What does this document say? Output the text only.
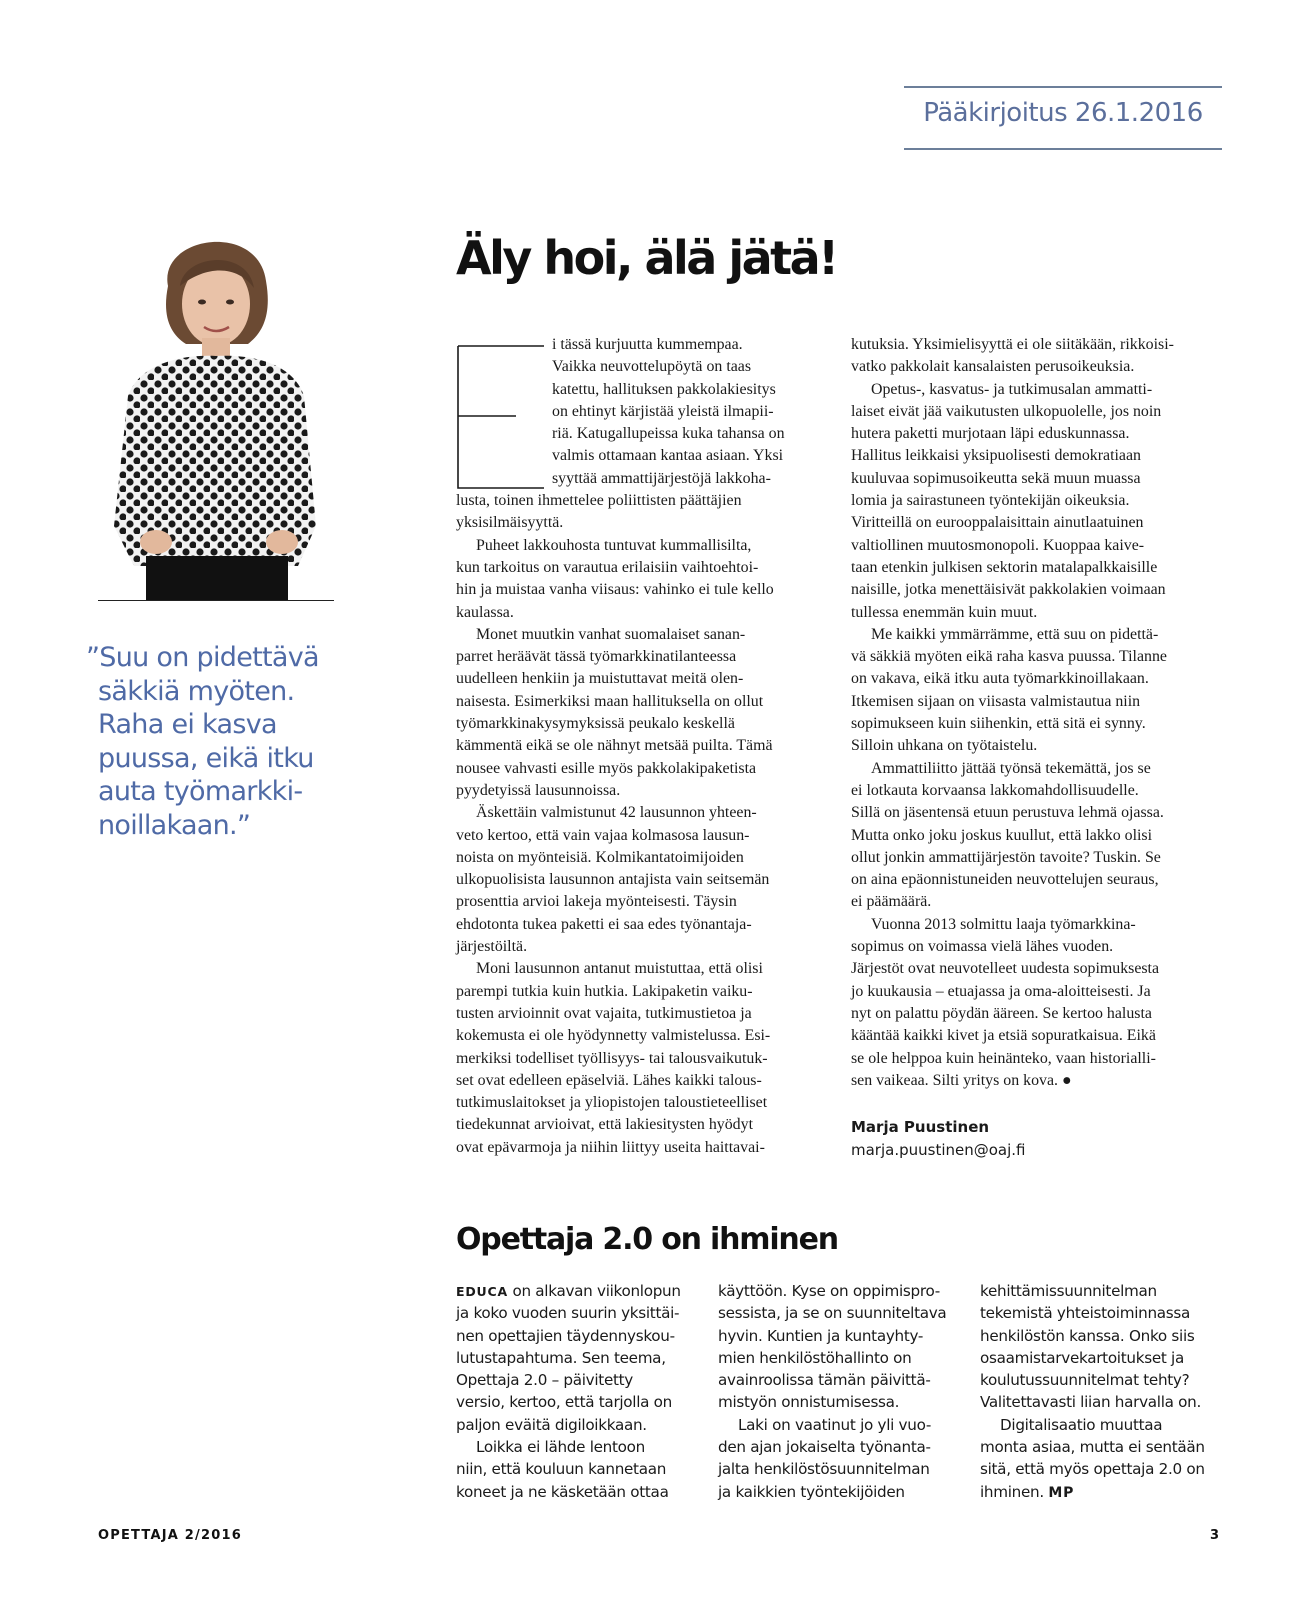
Pääkirjoitus 26.1.2016
”Suu on pidettävä
säkkiä myöten.
Raha ei kasva
puussa, eikä itku
auta työmarkki-
noillakaan.”
Äly hoi, älä jätä!
i tässä kurjuutta kummempaa.
Vaikka neuvottelupöytä on taas
katettu, hallituksen pakkolakiesitys
on ehtinyt kärjistää yleistä ilmapii-
riä. Katugallupeissa kuka tahansa on
valmis ottamaan kantaa asiaan. Yksi
syyttää ammattijärjestöjä lakkoha-
lusta, toinen ihmettelee poliittisten päättäjien
yksisilmäisyyttä.
Puheet lakkouhosta tuntuvat kummallisilta,
kun tarkoitus on varautua erilaisiin vaihtoehtoi-
hin ja muistaa vanha viisaus: vahinko ei tule kello
kaulassa.
Monet muutkin vanhat suomalaiset sanan-
parret heräävät tässä työmarkkinatilanteessa
uudelleen henkiin ja muistuttavat meitä olen-
naisesta. Esimerkiksi maan hallituksella on ollut
työmarkkinakysymyksissä peukalo keskellä
kämmentä eikä se ole nähnyt metsää puilta. Tämä
nousee vahvasti esille myös pakkolakipaketista
pyydetyissä lausunnoissa.
Äskettäin valmistunut 42 lausunnon yhteen-
veto kertoo, että vain vajaa kolmasosa lausun-
noista on myönteisiä. Kolmikantatoimijoiden
ulkopuolisista lausunnon antajista vain seitsemän
prosenttia arvioi lakeja myönteisesti. Täysin
ehdotonta tukea paketti ei saa edes työnantaja-
järjestöiltä.
Moni lausunnon antanut muistuttaa, että olisi
parempi tutkia kuin hutkia. Lakipaketin vaiku-
tusten arvioinnit ovat vajaita, tutkimustietoa ja
kokemusta ei ole hyödynnetty valmistelussa. Esi-
merkiksi todelliset työllisyys- tai talousvaikutuk-
set ovat edelleen epäselviä. Lähes kaikki talous-
tutkimuslaitokset ja yliopistojen taloustieteelliset
tiedekunnat arvioivat, että lakiesitysten hyödyt
ovat epävarmoja ja niihin liittyy useita haittavai-
kutuksia. Yksimielisyyttä ei ole siitäkään, rikkoisi-
vatko pakkolait kansalaisten perusoikeuksia.
Opetus-, kasvatus- ja tutkimusalan ammatti-
laiset eivät jää vaikutusten ulkopuolelle, jos noin
hutera paketti murjotaan läpi eduskunnassa.
Hallitus leikkaisi yksipuolisesti demokratiaan
kuuluvaa sopimusoikeutta sekä muun muassa
lomia ja sairastuneen työntekijän oikeuksia.
Viritteillä on eurooppalaisittain ainutlaatuinen
valtiollinen muutosmonopoli. Kuoppaa kaive-
taan etenkin julkisen sektorin matalapalkkaisille
naisille, jotka menettäisivät pakkolakien voimaan
tullessa enemmän kuin muut.
Me kaikki ymmärrämme, että suu on pidettä-
vä säkkiä myöten eikä raha kasva puussa. Tilanne
on vakava, eikä itku auta työmarkkinoillakaan.
Itkemisen sijaan on viisasta valmistautua niin
sopimukseen kuin siihenkin, että sitä ei synny.
Silloin uhkana on työtaistelu.
Ammattiliitto jättää työnsä tekemättä, jos se
ei lotkauta korvaansa lakkomahdollisuudelle.
Sillä on jäsentensä etuun perustuva lehmä ojassa.
Mutta onko joku joskus kuullut, että lakko olisi
ollut jonkin ammattijärjestön tavoite? Tuskin. Se
on aina epäonnistuneiden neuvottelujen seuraus,
ei päämäärä.
Vuonna 2013 solmittu laaja työmarkkina-
sopimus on voimassa vielä lähes vuoden.
Järjestöt ovat neuvotelleet uudesta sopimuksesta
jo kuukausia – etuajassa ja oma-aloitteisesti. Ja
nyt on palattu pöydän ääreen. Se kertoo halusta
kääntää kaikki kivet ja etsiä sopuratkaisua. Eikä
se ole helppoa kuin heinänteko, vaan historialli-
sen vaikeaa. Silti yritys on kova. ●
Marja Puustinen
marja.puustinen@oaj.fi
Opettaja 2.0 on ihminen
EDUCA on alkavan viikonlopun
ja koko vuoden suurin yksittäi-
nen opettajien täydennyskou-
lutustapahtuma. Sen teema,
Opettaja 2.0 – päivitetty
versio, kertoo, että tarjolla on
paljon eväitä digiloikkaan.
Loikka ei lähde lentoon
niin, että kouluun kannetaan
koneet ja ne käsketään ottaa
käyttöön. Kyse on oppimispro-
sessista, ja se on suunniteltava
hyvin. Kuntien ja kuntayhty-
mien henkilöstöhallinto on
avainroolissa tämän päivittä-
mistyön onnistumisessa.
Laki on vaatinut jo yli vuo-
den ajan jokaiselta työnanta-
jalta henkilöstösuunnitelman
ja kaikkien työntekijöiden
kehittämissuunnitelman
tekemistä yhteistoiminnassa
henkilöstön kanssa. Onko siis
osaamistarvekartoitukset ja
koulutussuunnitelmat tehty?
Valitettavasti liian harvalla on.
Digitalisaatio muuttaa
monta asiaa, mutta ei sentään
sitä, että myös opettaja 2.0 on
ihminen. MP
OPETTAJA 2/2016	3
